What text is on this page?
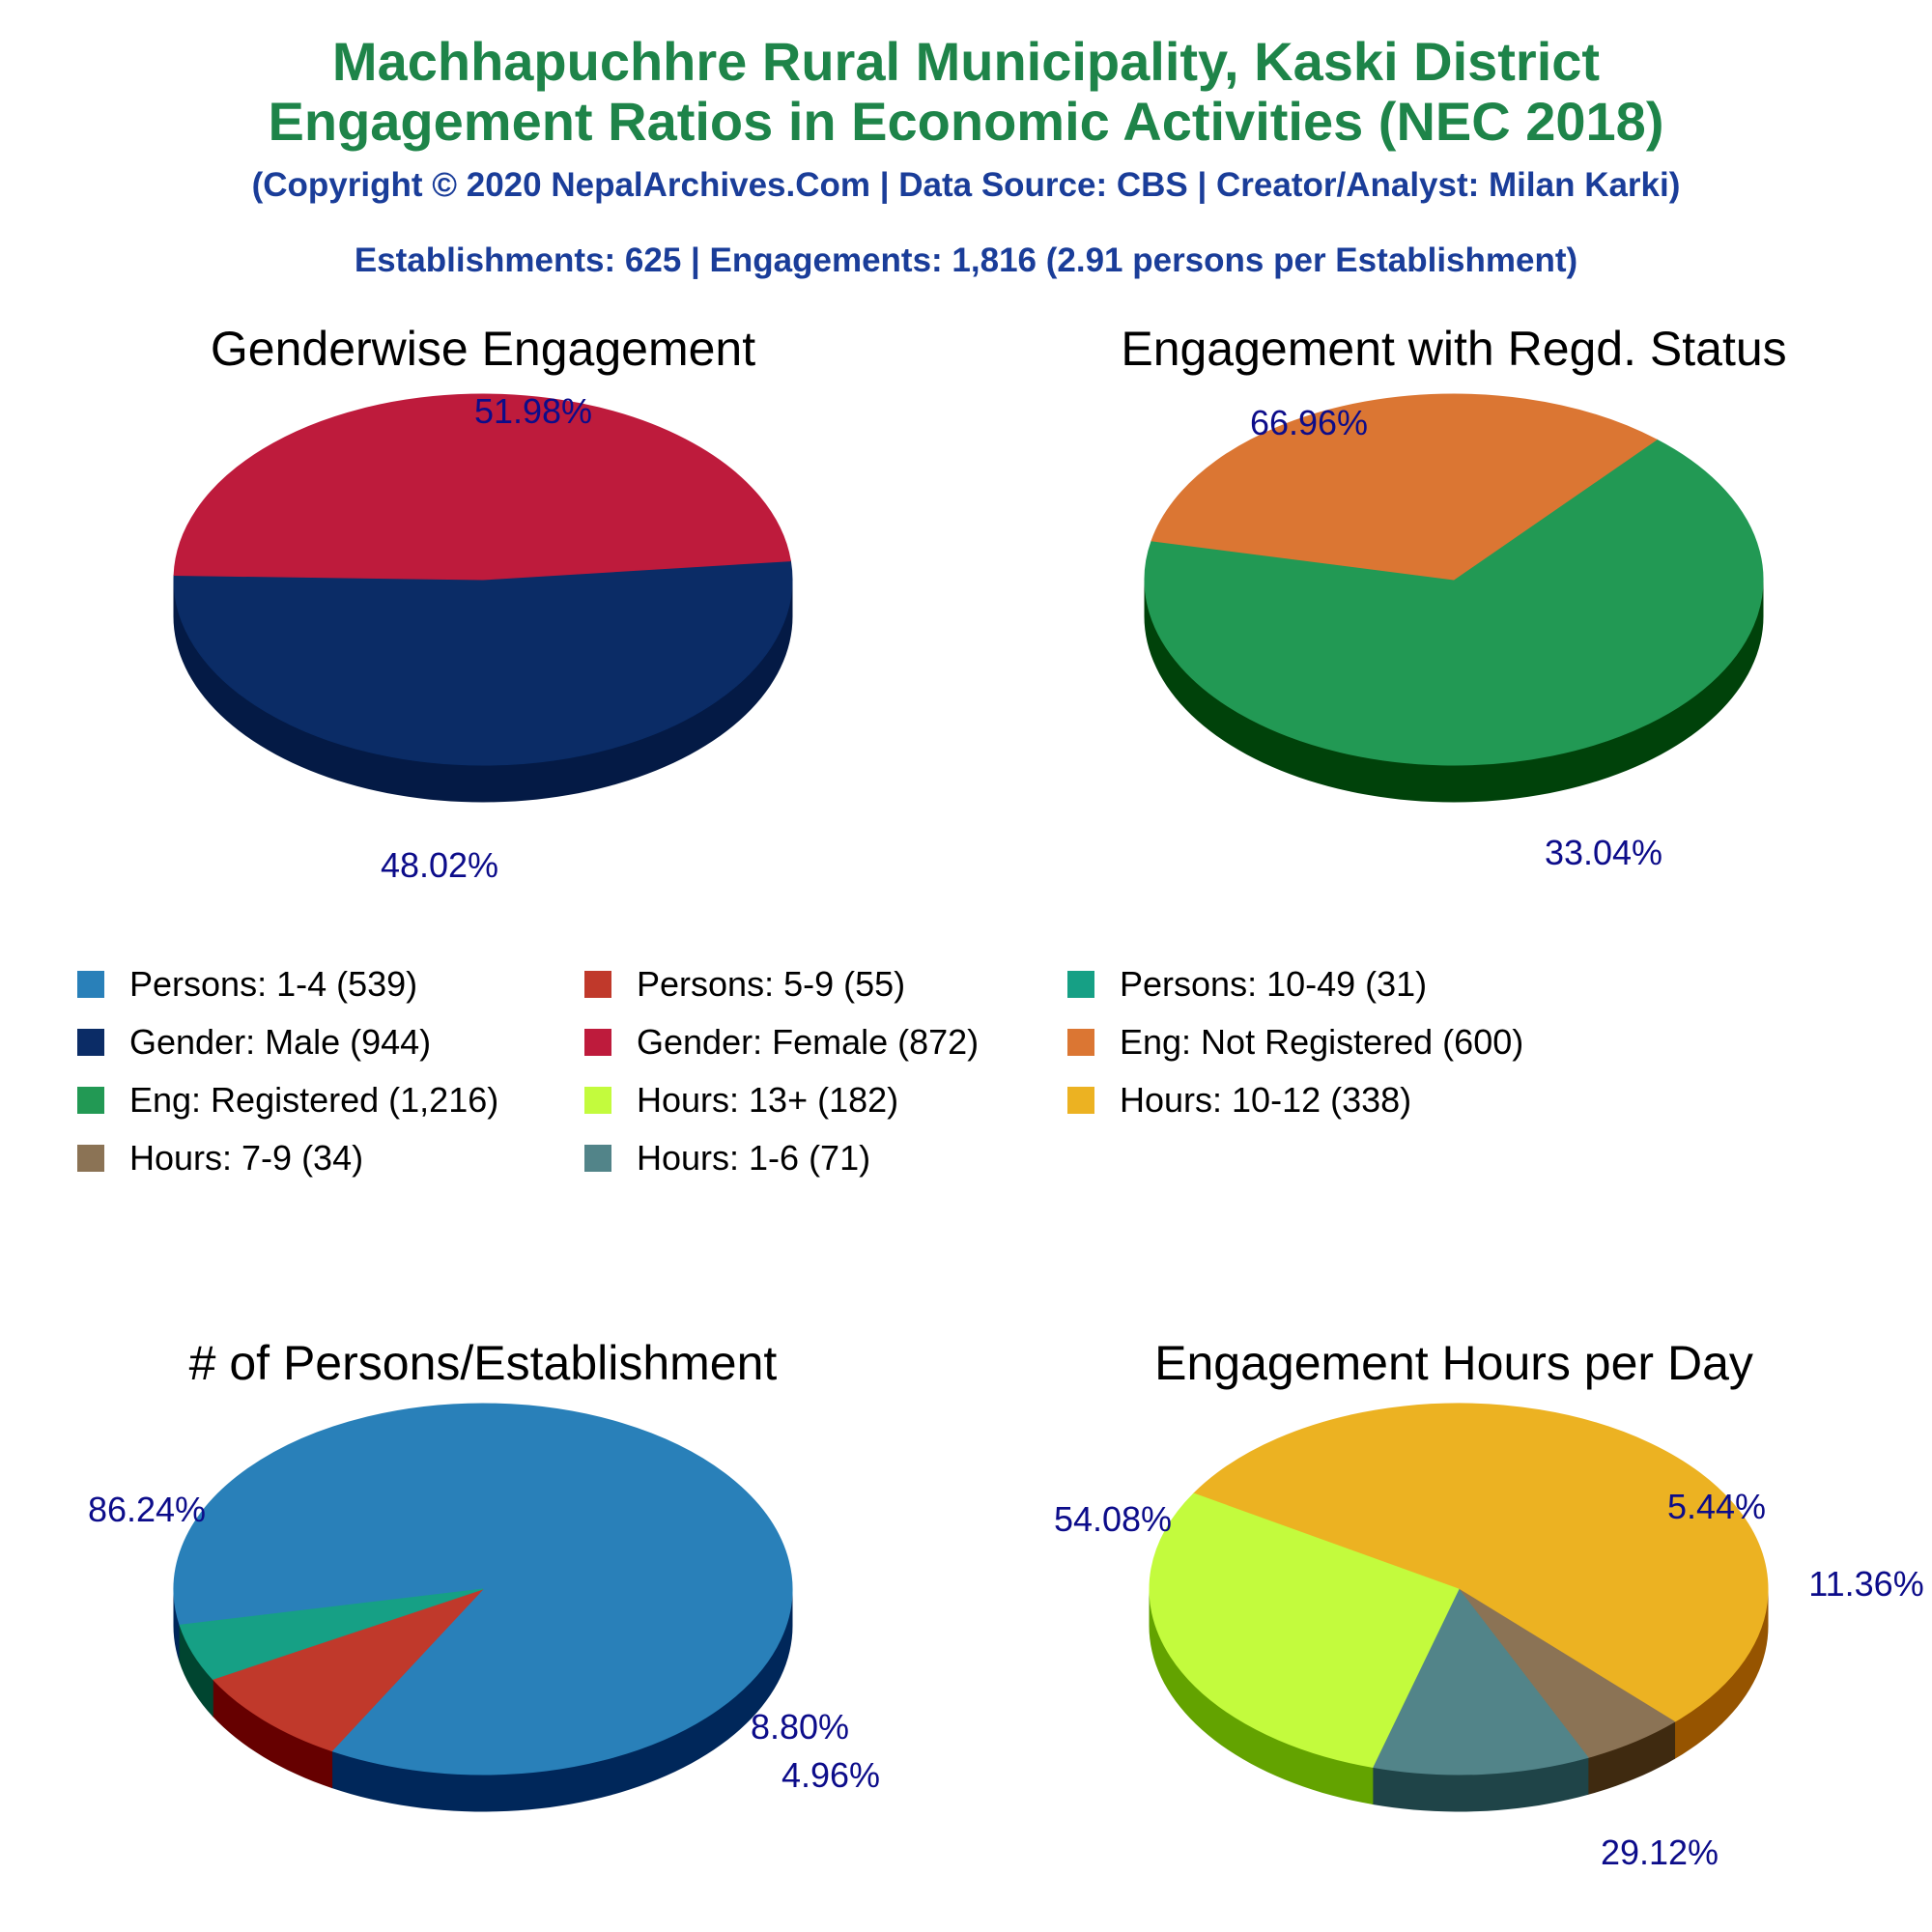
Machhapuchhre Rural Municipality, Kaski District
Engagement Ratios in Economic Activities (NEC 2018)
(Copyright © 2020 NepalArchives.Com | Data Source: CBS | Creator/Analyst: Milan Karki)
Establishments: 625 | Engagements: 1,816 (2.91 persons per Establishment)
Genderwise Engagement
51.98%
48.02%
Engagement with Regd. Status
66.96%
33.04%
# of Persons/Establishment
86.24%
8.80%
4.96%
Engagement Hours per Day
54.08%	5.44%
11.36%
29.12%
Persons: 1-4 (539)	Persons: 5-9 (55)	Persons: 10-49 (31)
Gender: Male (944)	Gender: Female (872)	Eng: Not Registered (600)
Eng: Registered (1,216)	Hours: 13+ (182)	Hours: 10-12 (338)
Hours: 7-9 (34)	Hours: 1-6 (71)
